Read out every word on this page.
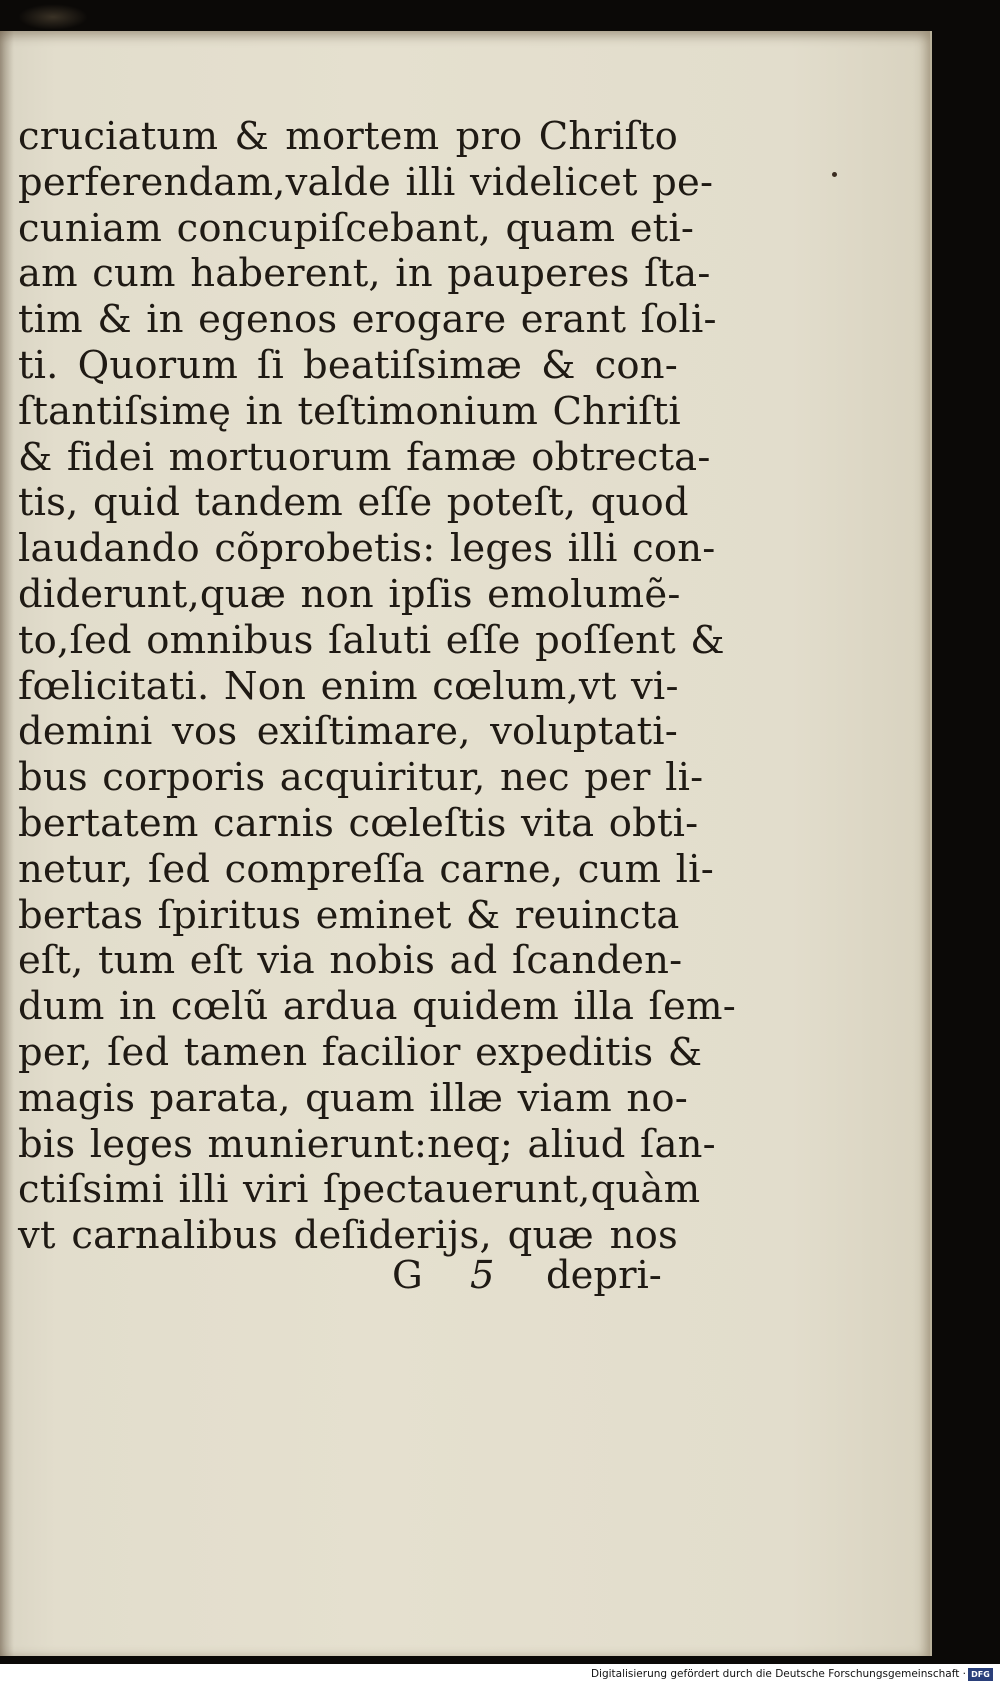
cruciatum & mortem pro Chriſto
perferendam,valde illi videlicet pe-
cuniam concupiſcebant, quam eti-
am cum haberent, in pauperes ſta-
tim & in egenos erogare erant ſoli-
ti. Quorum ſi beatiſsimæ & con-
ſtantiſsimę in teſtimonium Chriſti
& fidei mortuorum famæ obtrecta-
tis, quid tandem eſſe poteſt, quod
laudando cõprobetis: leges illi con-
diderunt,quæ non ipſis emolumẽ-
to,ſed omnibus ſaluti eſſe poſſent &
fœlicitati. Non enim cœlum,vt vi-
demini vos exiſtimare, voluptati-
bus corporis acquiritur, nec per li-
bertatem carnis cœleſtis vita obti-
netur, ſed compreſſa carne, cum li-
bertas ſpiritus eminet & reuincta
eſt, tum eſt via nobis ad ſcanden-
dum in cœlũ ardua quidem illa ſem-
per, ſed tamen facilior expeditis &
magis parata, quam illæ viam no-
bis leges munierunt:neq; aliud ſan-
ctiſsimi illi viri ſpectauerunt,quàm
vt carnalibus deſiderijs, quæ nos
G 5 depri-
Digitalisierung gefördert durch die Deutsche Forschungsgemeinschaft · DFG
